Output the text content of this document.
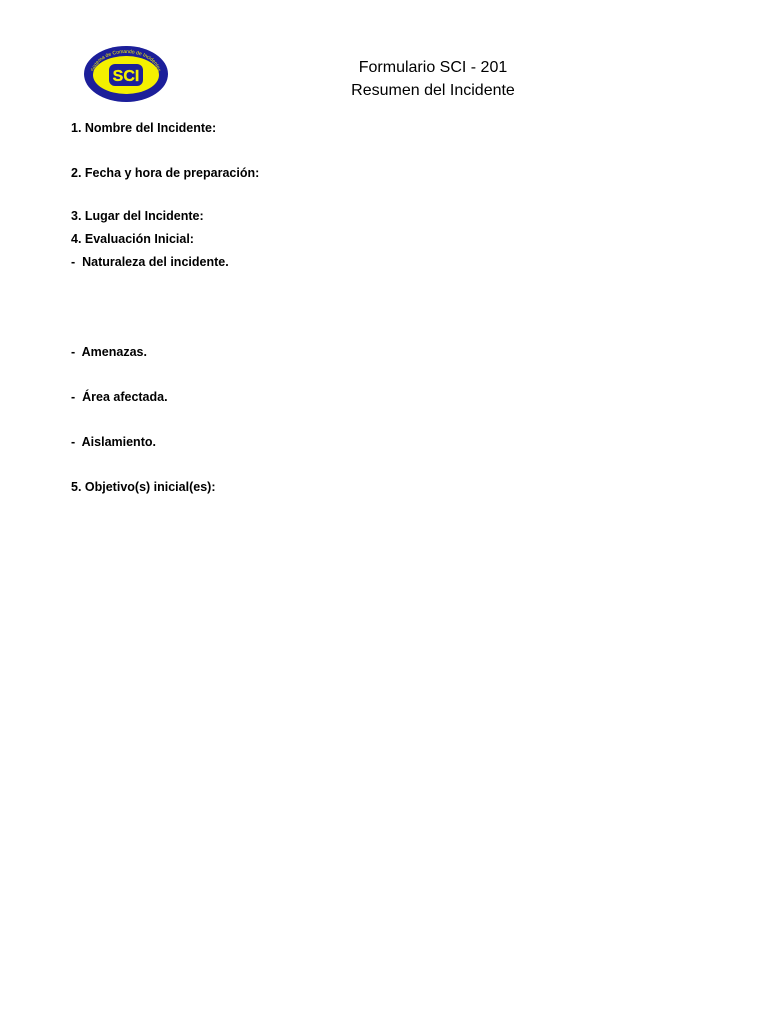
Sistema de Comando de Incidentes
SCI
Formulario SCI - 201
Resumen del Incidente
1. Nombre del Incidente:
2. Fecha y hora de preparación:
3. Lugar del Incidente:
4. Evaluación Inicial:
-  Naturaleza del incidente.
-  Amenazas.
-  Área afectada.
-  Aislamiento.
5. Objetivo(s) inicial(es):
